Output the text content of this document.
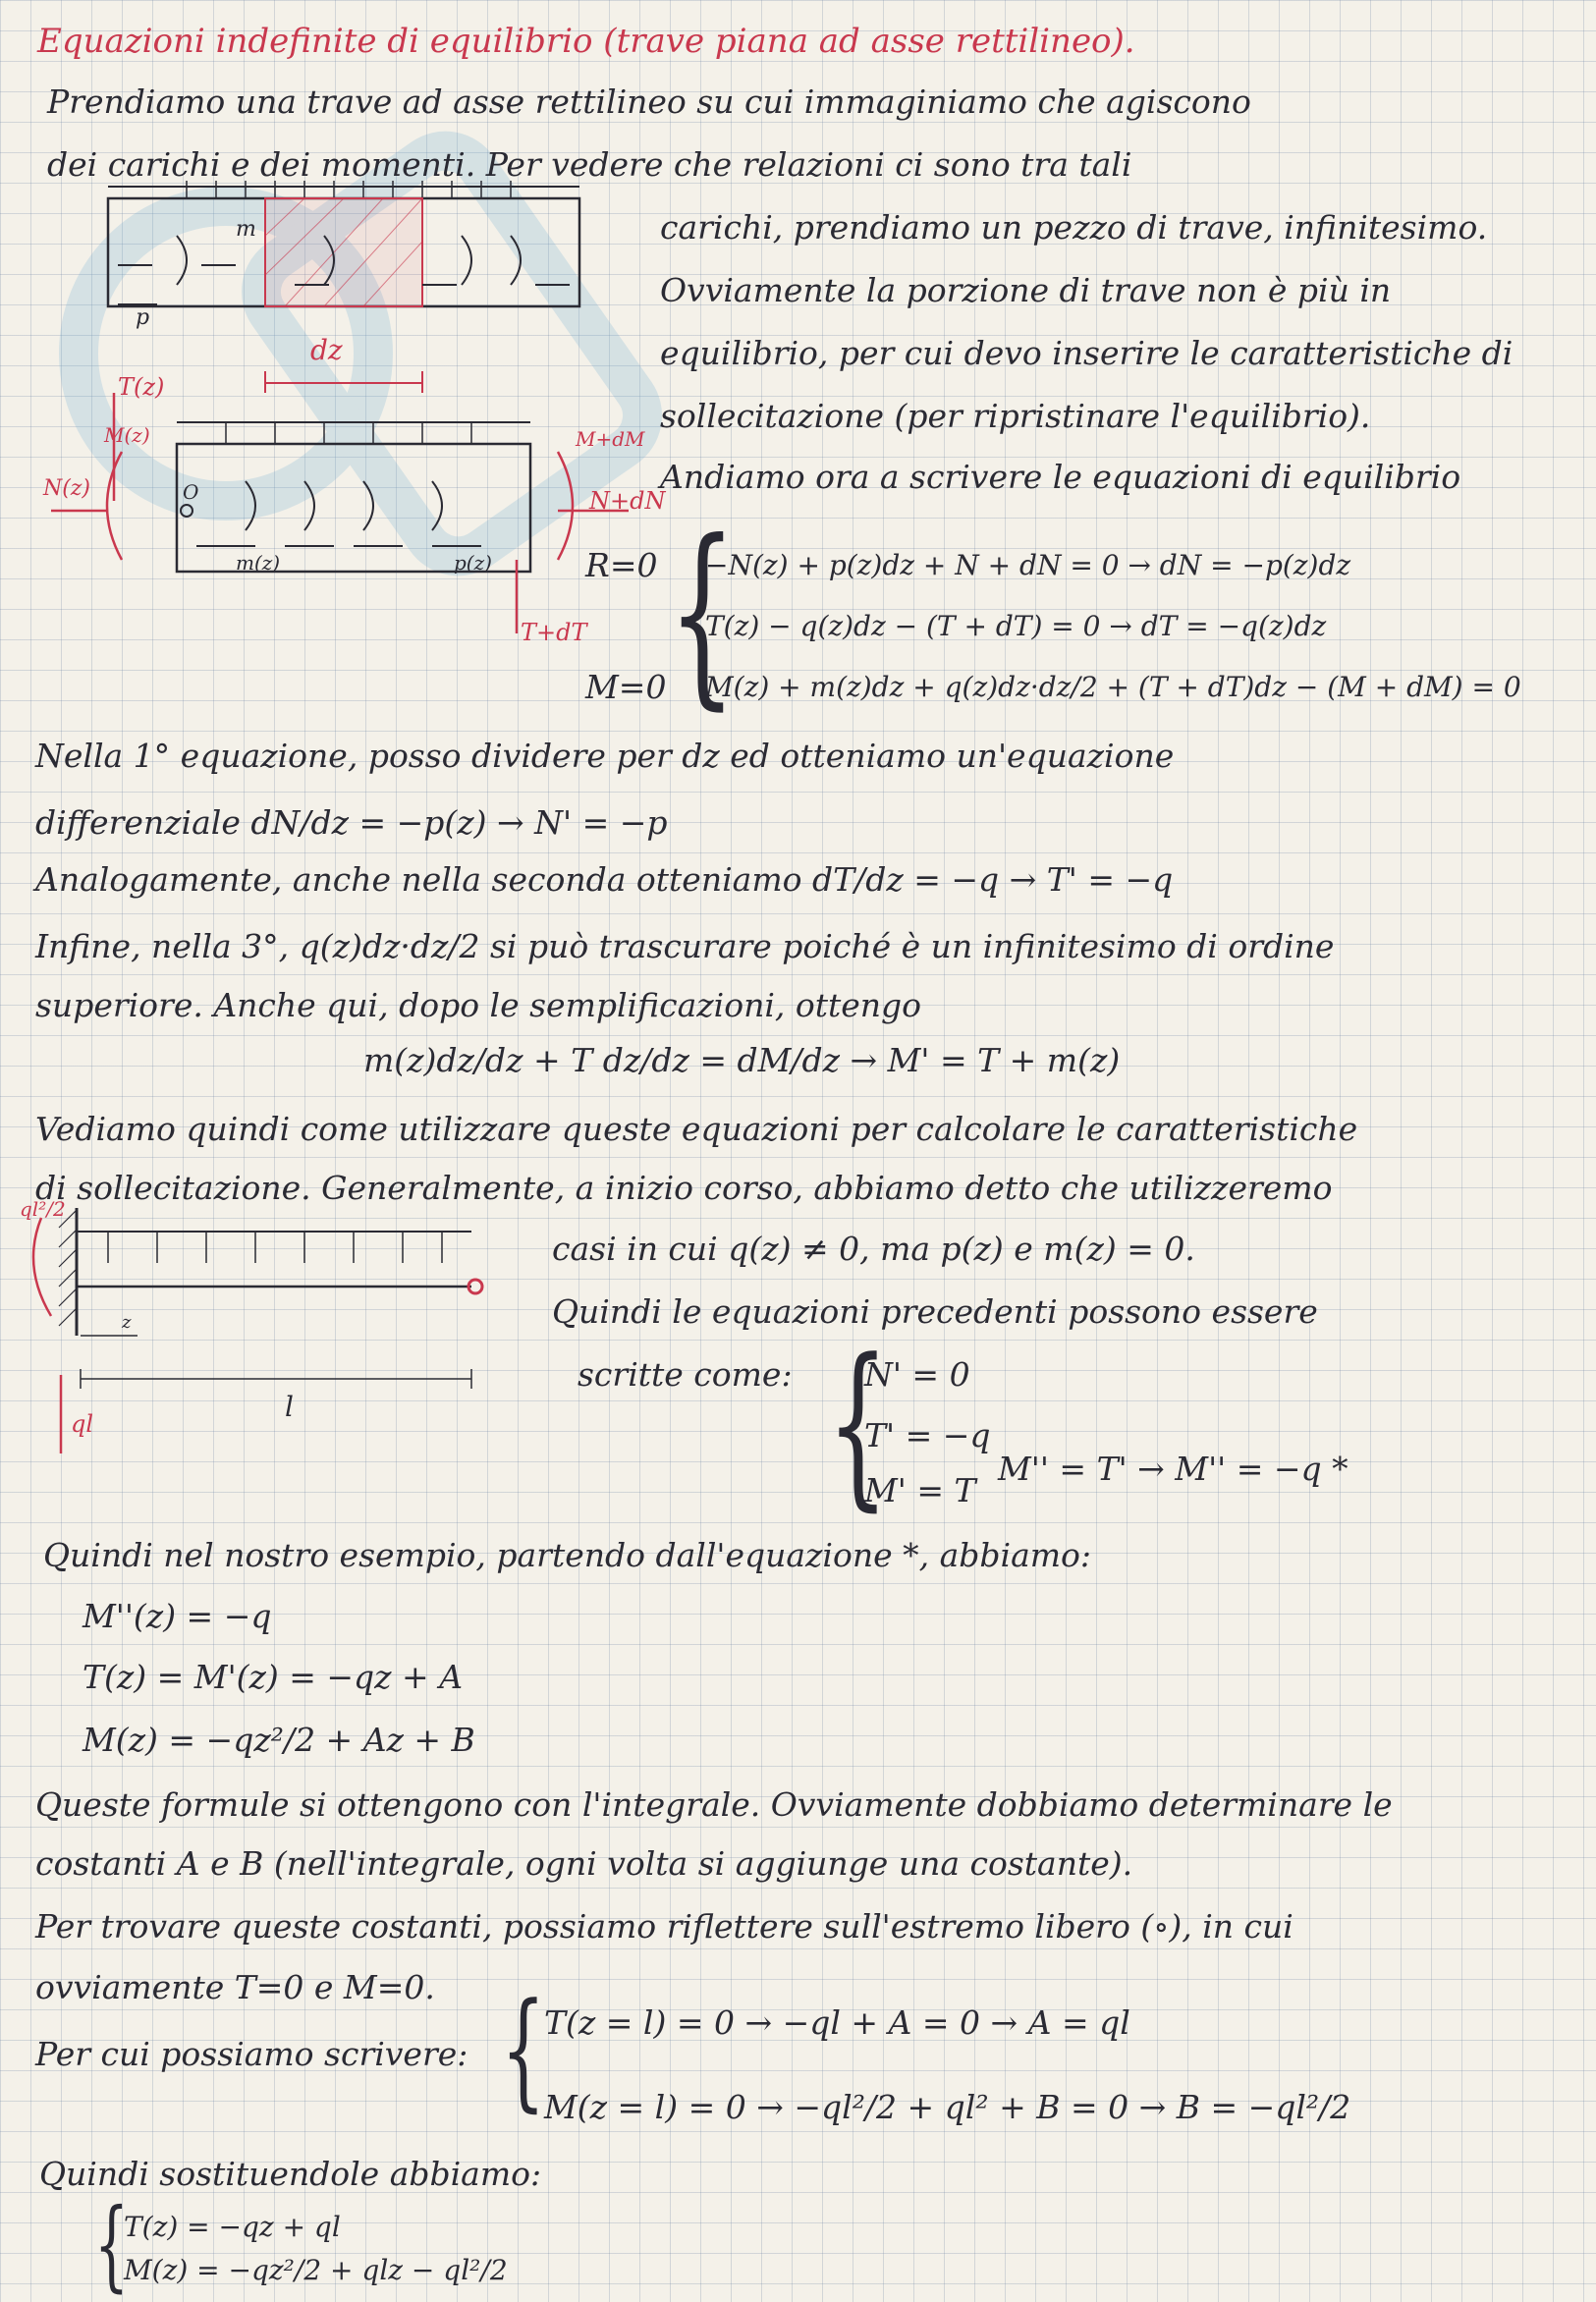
Equazioni indefinite di equilibrio (trave piana ad asse rettilineo).
Prendiamo una trave ad asse rettilineo su cui immaginiamo che agiscono
dei carichi e dei momenti. Per vedere che relazioni ci sono tra tali
carichi, prendiamo un pezzo di trave, infinitesimo.
Ovviamente la porzione di trave non è più in
equilibrio, per cui devo inserire le caratteristiche di
sollecitazione (per ripristinare l'equilibrio).
Andiamo ora a scrivere le equazioni di equilibrio
m
p
dz
T(z)
M(z)
N(z)
M+dM
N+dN
T+dT
m(z)	p(z)
O
R=0
M=0 {
−N(z) + p(z)dz + N + dN = 0 → dN = −p(z)dz
T(z) − q(z)dz − (T + dT) = 0 → dT = −q(z)dz
M(z) + m(z)dz + q(z)dz·dz/2 + (T + dT)dz − (M + dM) = 0
Nella 1° equazione, posso dividere per dz ed otteniamo un'equazione
differenziale dN/dz = −p(z) → N' = −p
Analogamente, anche nella seconda otteniamo dT/dz = −q → T' = −q
Infine, nella 3°, q(z)dz·dz/2 si può trascurare poiché è un infinitesimo di ordine
superiore. Anche qui, dopo le semplificazioni, ottengo
m(z)dz/dz + T dz/dz = dM/dz → M' = T + m(z)
Vediamo quindi come utilizzare queste equazioni per calcolare le caratteristiche
di sollecitazione. Generalmente, a inizio corso, abbiamo detto che utilizzeremo
casi in cui q(z) ≠ 0, ma p(z) e m(z) = 0.
Quindi le equazioni precedenti possono essere
scritte come:
ql²/2
ql
l
z	{
N' = 0
T' = −q
M' = T
M'' = T' → M'' = −q *
Quindi nel nostro esempio, partendo dall'equazione *, abbiamo:
M''(z) = −q
T(z) = M'(z) = −qz + A
M(z) = −qz²/2 + Az + B
Queste formule si ottengono con l'integrale. Ovviamente dobbiamo determinare le
costanti A e B (nell'integrale, ogni volta si aggiunge una costante).
Per trovare queste costanti, possiamo riflettere sull'estremo libero (∘), in cui
ovviamente T=0 e M=0.
Per cui possiamo scrivere: {
T(z = l) = 0 → −ql + A = 0 → A = ql
M(z = l) = 0 → −ql²/2 + ql² + B = 0 → B = −ql²/2
Quindi sostituendole abbiamo:
{
T(z) = −qz + ql
M(z) = −qz²/2 + qlz − ql²/2
